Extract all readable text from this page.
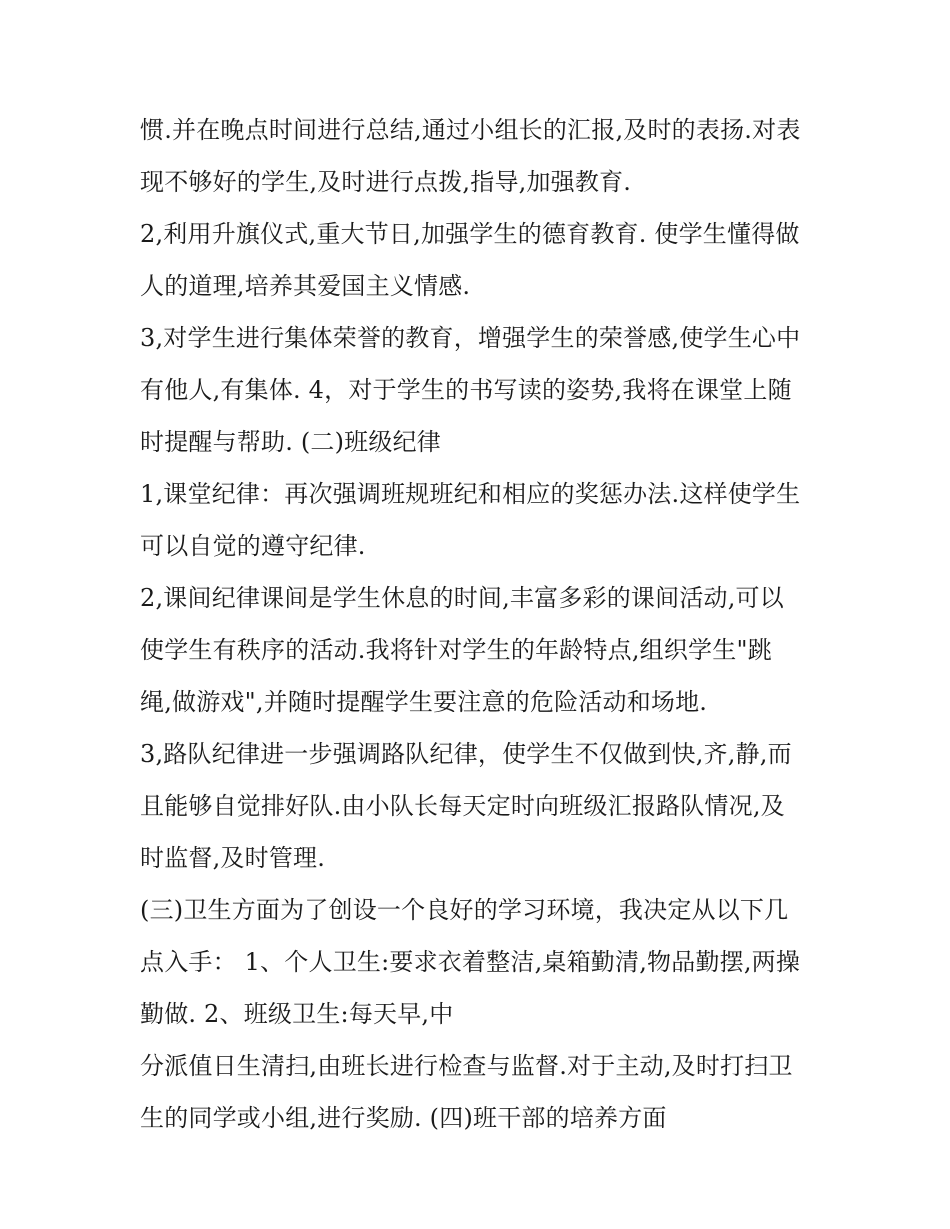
惯.并在晚点时间进行总结,通过小组长的汇报,及时的表扬.对表
现不够好的学生,及时进行点拨,指导,加强教育.
2,利用升旗仪式,重大节日,加强学生的德育教育. 使学生懂得做
人的道理,培养其爱国主义情感.
3,对学生进行集体荣誉的教育，增强学生的荣誉感,使学生心中
有他人,有集体. 4，对于学生的书写读的姿势,我将在课堂上随
时提醒与帮助. (二)班级纪律
1,课堂纪律：再次强调班规班纪和相应的奖惩办法.这样使学生
可以自觉的遵守纪律.
2,课间纪律课间是学生休息的时间,丰富多彩的课间活动,可以
使学生有秩序的活动.我将针对学生的年龄特点,组织学生"跳
绳,做游戏",并随时提醒学生要注意的危险活动和场地.
3,路队纪律进一步强调路队纪律，使学生不仅做到快,齐,静,而
且能够自觉排好队.由小队长每天定时向班级汇报路队情况,及
时监督,及时管理.
(三)卫生方面为了创设一个良好的学习环境，我决定从以下几
点入手： 1、个人卫生:要求衣着整洁,桌箱勤清,物品勤摆,两操
勤做. 2、班级卫生:每天早,中
分派值日生清扫,由班长进行检查与监督.对于主动,及时打扫卫
生的同学或小组,进行奖励. (四)班干部的培养方面
